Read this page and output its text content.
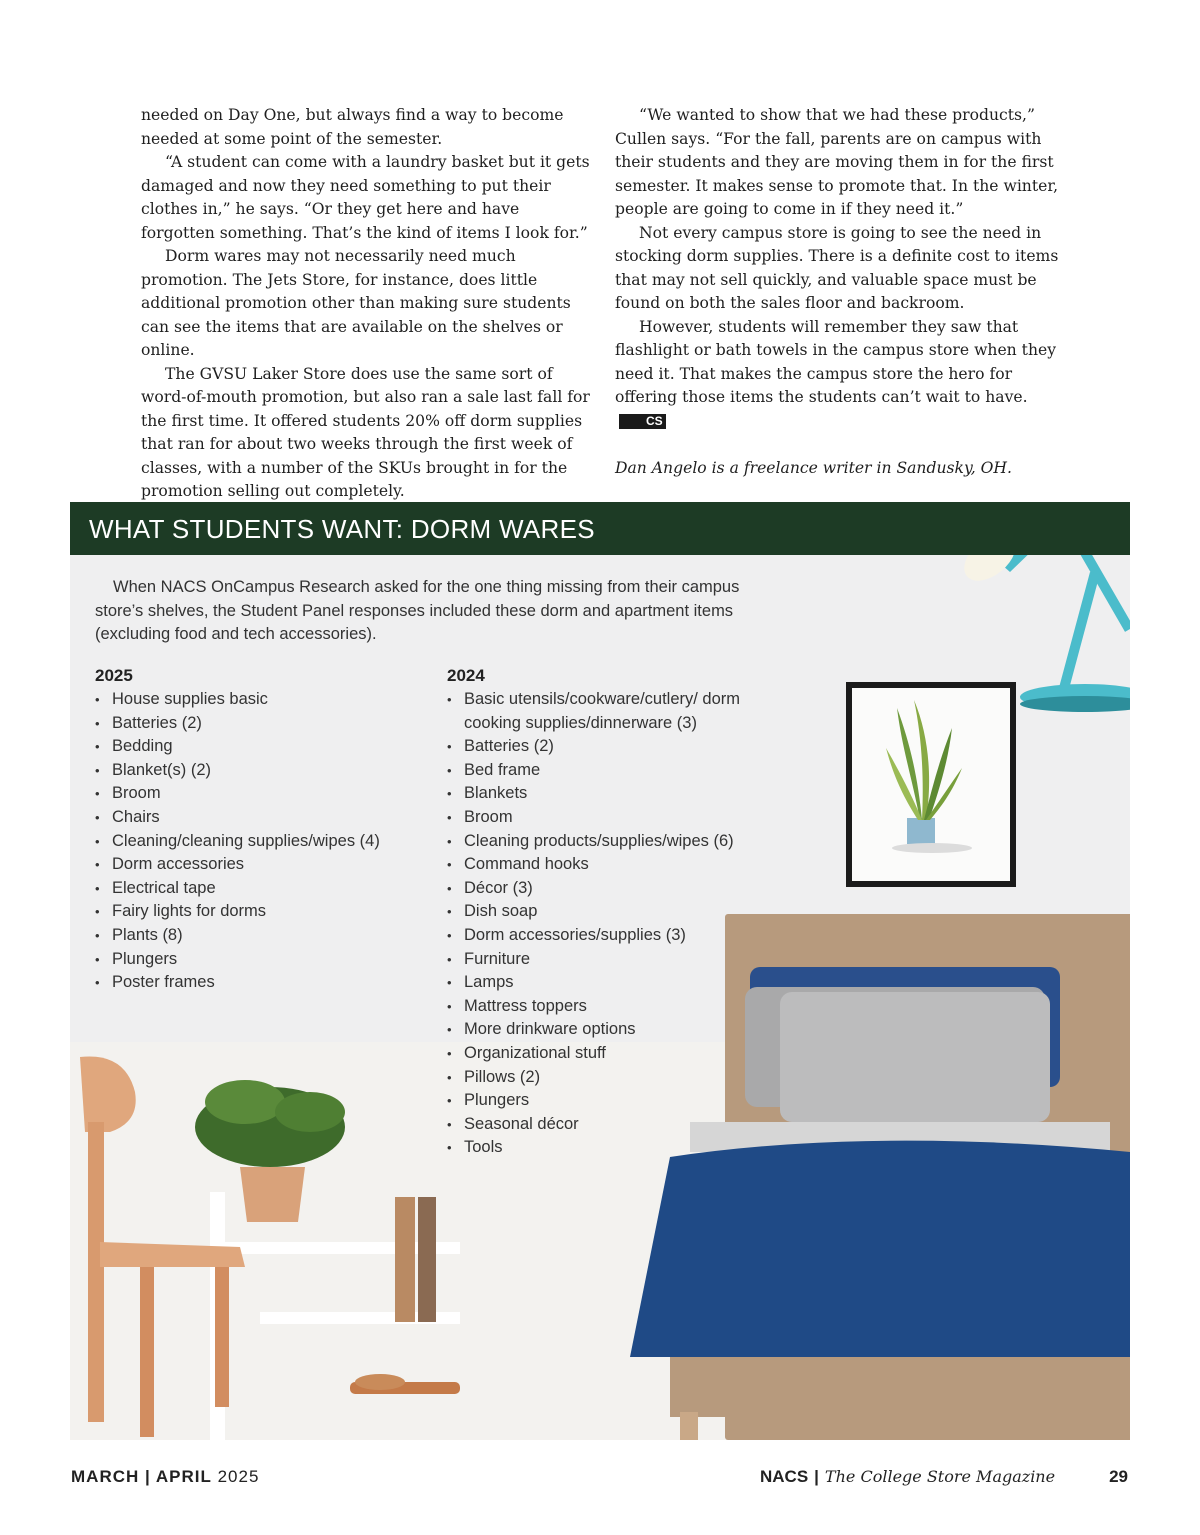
needed on Day One, but always find a way to become needed at some point of the semester.

“A student can come with a laundry basket but it gets damaged and now they need something to put their clothes in,” he says. “Or they get here and have forgotten something. That’s the kind of items I look for.”

Dorm wares may not necessarily need much promotion. The Jets Store, for instance, does little additional promotion other than making sure students can see the items that are available on the shelves or online.

The GVSU Laker Store does use the same sort of word-of-mouth promotion, but also ran a sale last fall for the first time. It offered students 20% off dorm supplies that ran for about two weeks through the first week of classes, with a number of the SKUs brought in for the promotion selling out completely.

“We wanted to show that we had these products,” Cullen says. “For the fall, parents are on campus with their students and they are moving them in for the first semester. It makes sense to promote that. In the winter, people are going to come in if they need it.”

Not every campus store is going to see the need in stocking dorm supplies. There is a definite cost to items that may not sell quickly, and valuable space must be found on both the sales floor and backroom.

However, students will remember they saw that flashlight or bath towels in the campus store when they need it. That makes the campus store the hero for offering those items the students can’t wait to have.CS

Dan Angelo is a freelance writer in Sandusky, OH.

WHAT STUDENTS WANT: DORM WARES
When NACS OnCampus Research asked for the one thing missing from their campus store’s shelves, the Student Panel responses included these dorm and apartment items (excluding food and tech accessories).
2025
• House supplies basic
• Batteries (2)
• Bedding
• Blanket(s) (2)
• Broom
• Chairs
• Cleaning/cleaning supplies/wipes (4)
• Dorm accessories
• Electrical tape
• Fairy lights for dorms
• Plants (8)
• Plungers
• Poster frames
2024
• Basic utensils/cookware/cutlery/ dorm cooking supplies/dinnerware (3)
• Batteries (2)
• Bed frame
• Blankets
• Broom
• Cleaning products/supplies/wipes (6)
• Command hooks
• Décor (3)
• Dish soap
• Dorm accessories/supplies (3)
• Furniture
• Lamps
• Mattress toppers
• More drinkware options
• Organizational stuff
• Pillows (2)
• Plungers
• Seasonal décor
• Tools
MARCH | APRIL 2025	NACS | The College Store Magazine	29
